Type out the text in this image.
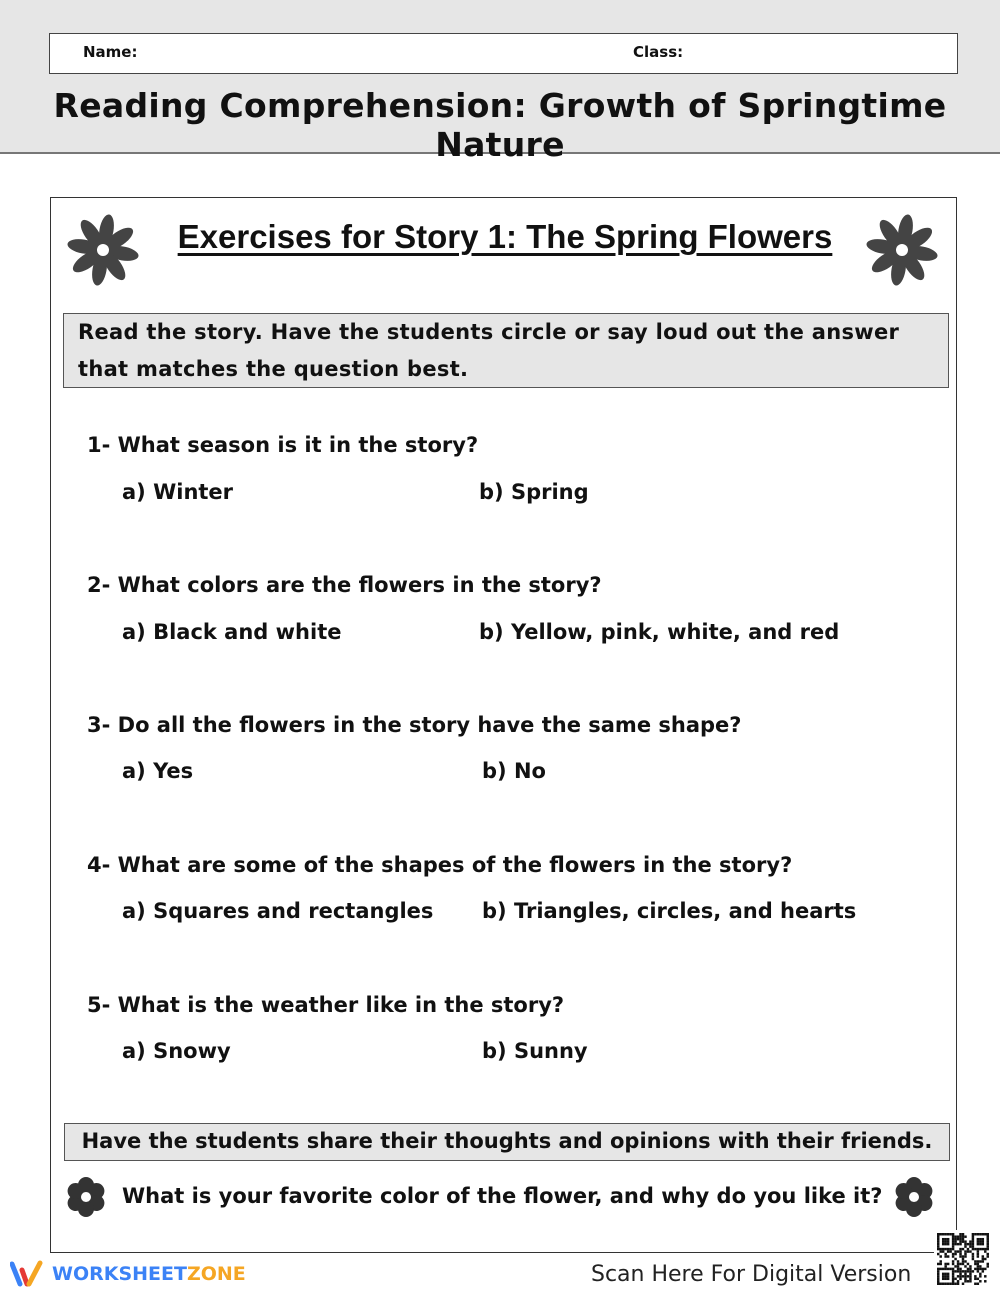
Name:	Class:
Reading Comprehension: Growth of Springtime Nature
Exercises for Story 1: The Spring Flowers
Read the story. Have the students circle or say loud out the answer that matches the question best.
1- What season is it in the story?
a) Winter	b) Spring
2- What colors are the flowers in the story?
a) Black and white	b) Yellow, pink, white, and red
3- Do all the flowers in the story have the same shape?
a) Yes	b) No
4- What are some of the shapes of the flowers in the story?
a) Squares and rectangles b) Triangles, circles, and hearts
5- What is the weather like in the story?
a) Snowy	b) Sunny
Have the students share their thoughts and opinions with their friends.
What is your favorite color of the flower, and why do you like it?
WORKSHEETZONE	Scan Here For Digital Version
